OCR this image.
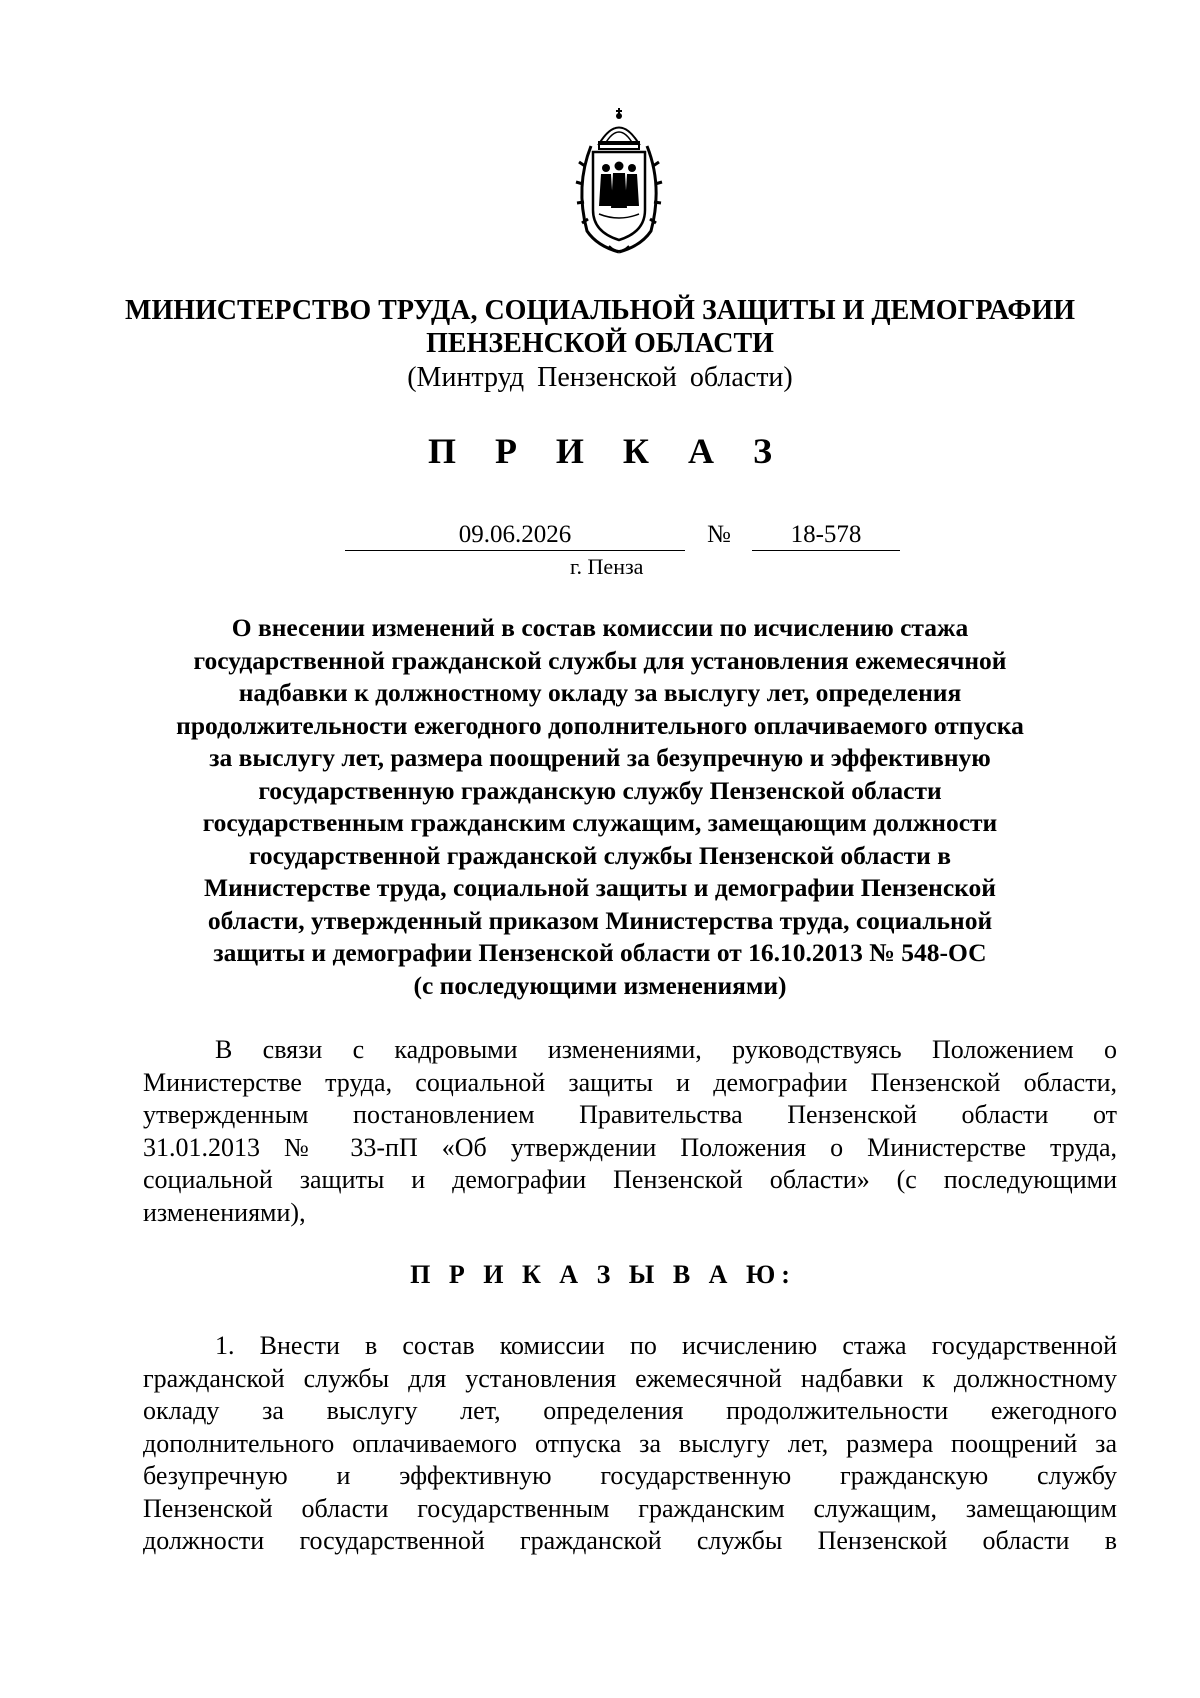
МИНИСТЕРСТВО ТРУДА, СОЦИАЛЬНОЙ ЗАЩИТЫ И ДЕМОГРАФИИ
ПЕНЗЕНСКОЙ ОБЛАСТИ
(Минтруд Пензенской области)
П Р И К А З
09.06.2026	№	18-578
г. Пенза
О внесении изменений в состав комиссии по исчислению стажа
государственной гражданской службы для установления ежемесячной
надбавки к должностному окладу за выслугу лет, определения
продолжительности ежегодного дополнительного оплачиваемого отпуска
за выслугу лет, размера поощрений за безупречную и эффективную
государственную гражданскую службу Пензенской области
государственным гражданским служащим, замещающим должности
государственной гражданской службы Пензенской области в
Министерстве труда, социальной защиты и демографии Пензенской
области, утвержденный приказом Министерства труда, социальной
защиты и демографии Пензенской области от 16.10.2013 № 548-ОС
(с последующими изменениями)
В связи с кадровыми изменениями, руководствуясь Положением о
Министерстве труда, социальной защиты и демографии Пензенской области,
утвержденным постановлением Правительства Пензенской области от
31.01.2013 № 33-пП «Об утверждении Положения о Министерстве труда,
социальной защиты и демографии Пензенской области» (с последующими
изменениями),
П Р И К А З Ы В А Ю:
1. Внести в состав комиссии по исчислению стажа государственной
гражданской службы для установления ежемесячной надбавки к должностному
окладу за выслугу лет, определения продолжительности ежегодного
дополнительного оплачиваемого отпуска за выслугу лет, размера поощрений за
безупречную и эффективную государственную гражданскую службу
Пензенской области государственным гражданским служащим, замещающим
должности государственной гражданской службы Пензенской области в
